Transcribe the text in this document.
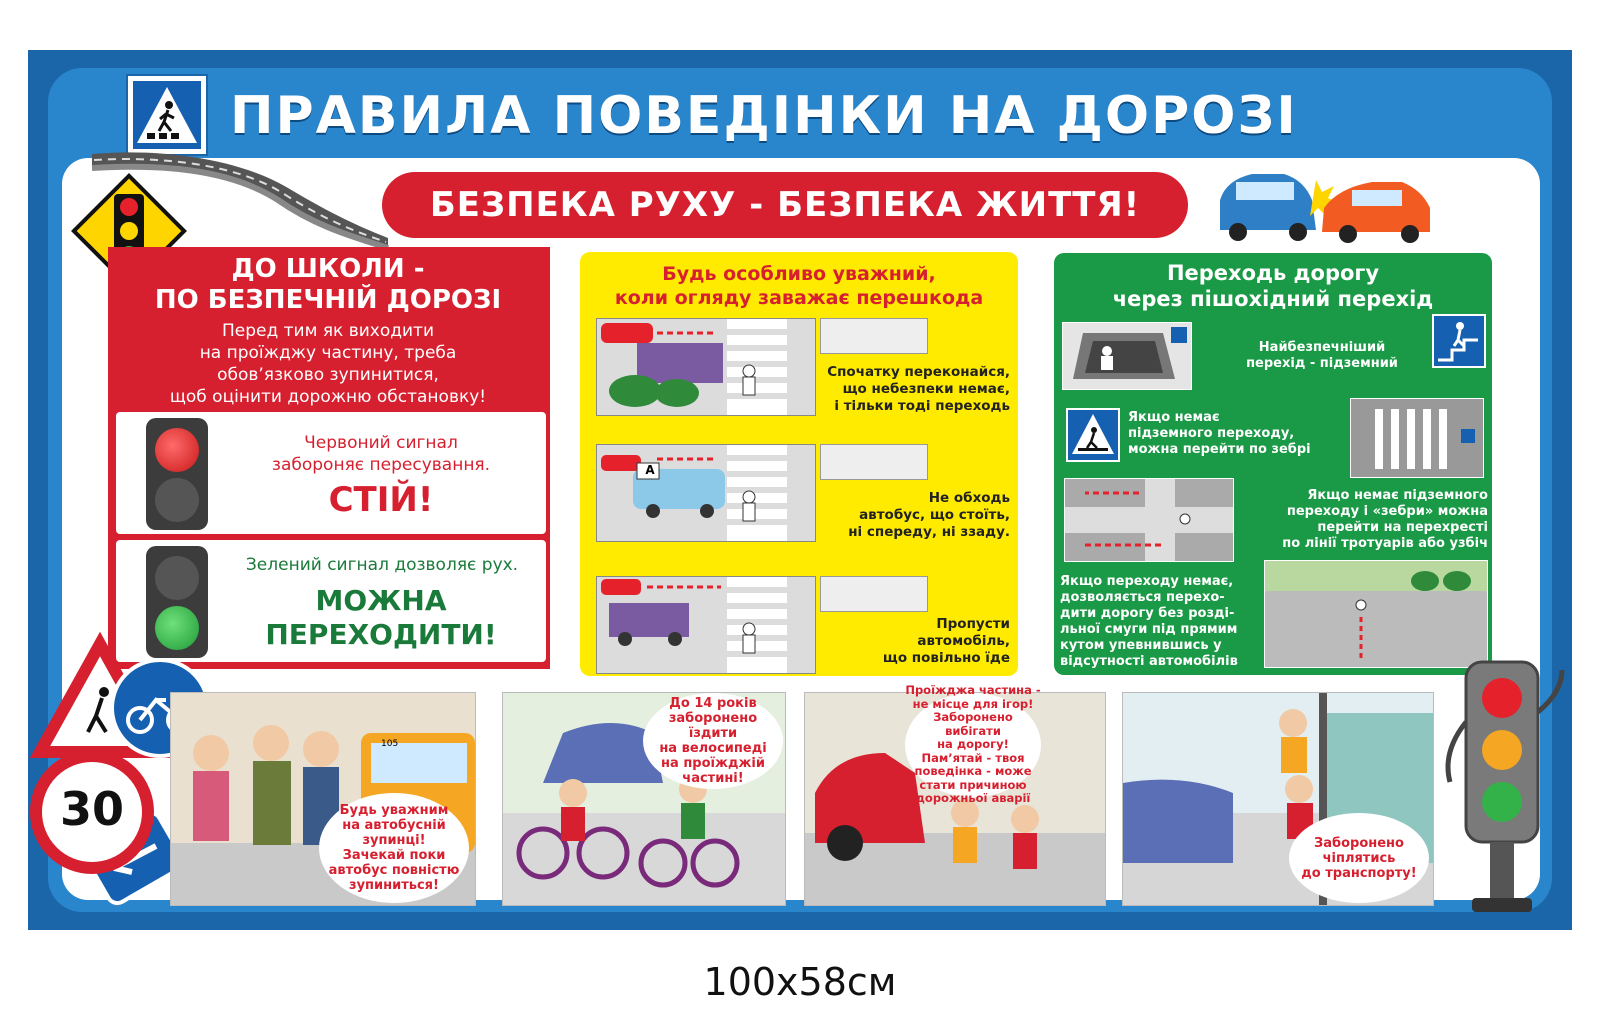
ПРАВИЛА ПОВЕДІНКИ НА ДОРОЗІ
БЕЗПЕКА РУХУ - БЕЗПЕКА ЖИТТЯ!
ДО ШКОЛИ -
ПО БЕЗПЕЧНІЙ ДОРОЗІ
Перед тим як виходити
на проїжджу частину, треба
обов’язково зупинитися,
щоб оцінити дорожню обстановку!
Червоний сигнал
забороняє пересування.
СТІЙ!
Зелений сигнал дозволяє рух.
МОЖНА
ПЕРЕХОДИТИ!
Будь особливо уважний,
коли огляду заважає перешкода
Спочатку переконайся,
що небезпеки немає,
і тільки тоді переходь
А
Не обходь
автобус, що стоїть,
ні спереду, ні ззаду.
Пропусти
автомобіль,
що повільно їде
Переходь дорогу
через пішохідний перехід
Найбезпечніший
перехід - підземний
Якщо немає
підземного переходу,
можна перейти по зебрі
Якщо немає підземного
переходу і «зебри» можна
перейти на перехресті
по лінії тротуарів або узбіч
Якщо переходу немає,
дозволяється перехо-
дити дорогу без розді-
льної смуги під прямим
кутом упевнившись у
відсутності автомобілів
30
105
Будь уважним
на автобусній
зупинці!
Зачекай поки
автобус повністю
зупиниться!
До 14 років
заборонено їздити
на велосипеді
на проїжджій
частині!
Проїжджа частина -
не місце для ігор!
Заборонено вибігати
на дорогу!
Пам’ятай - твоя
поведінка - може
стати причиною
дорожньої аварії
Заборонено
чіплятись
до транспорту!
100x58см
